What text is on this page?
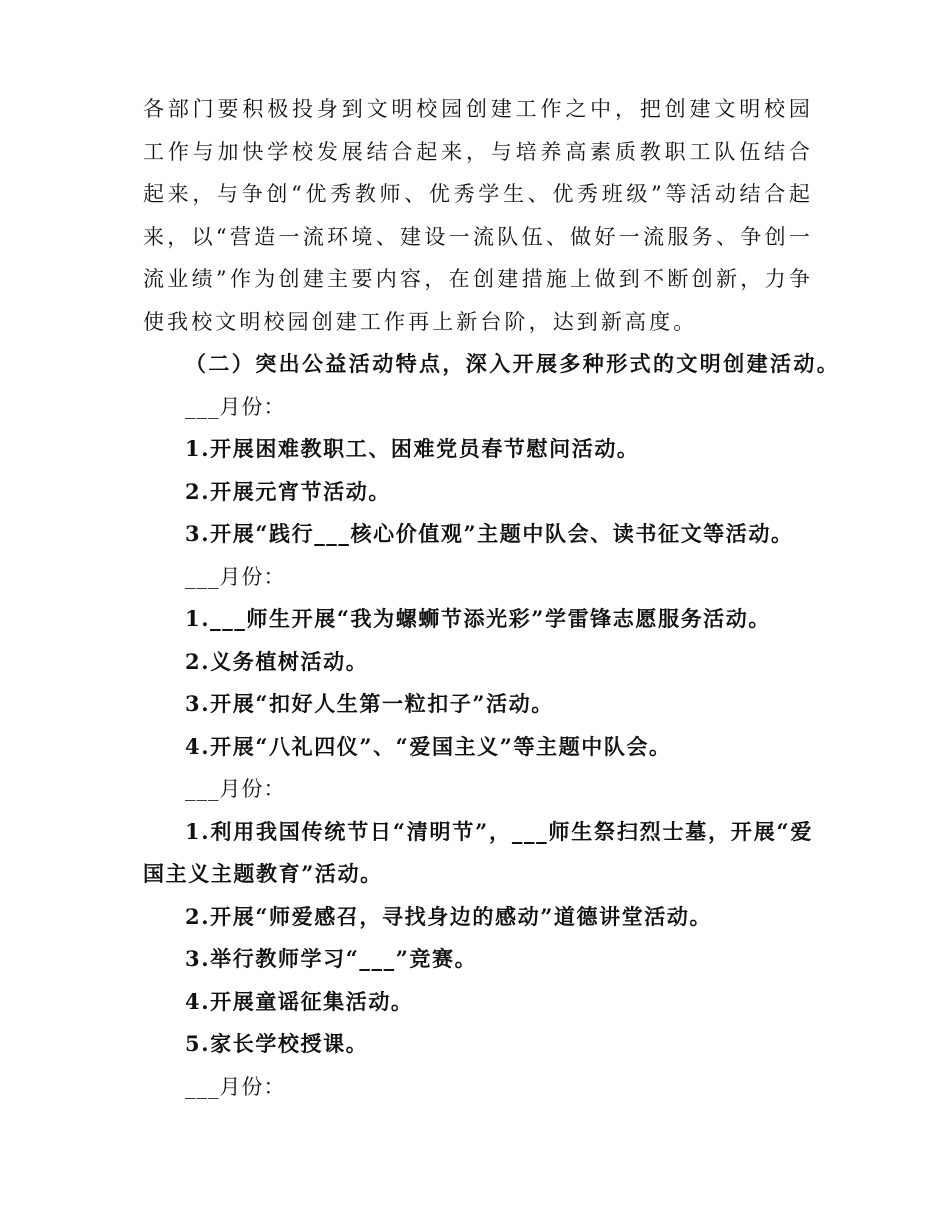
各部门要积极投身到文明校园创建工作之中，把创建文明校园工作与加快学校发展结合起来，与培养高素质教职工队伍结合起来，与争创“优秀教师、优秀学生、优秀班级”等活动结合起来，以“营造一流环境、建设一流队伍、做好一流服务、争创一流业绩”作为创建主要内容，在创建措施上做到不断创新，力争使我校文明校园创建工作再上新台阶，达到新高度。

（二）突出公益活动特点，深入开展多种形式的文明创建活动。

___月份：

1.开展困难教职工、困难党员春节慰问活动。

2.开展元宵节活动。

3.开展“践行___核心价值观”主题中队会、读书征文等活动。

___月份：

1.___师生开展“我为螺蛳节添光彩”学雷锋志愿服务活动。

2.义务植树活动。

3.开展“扣好人生第一粒扣子”活动。

4.开展“八礼四仪”、“爱国主义”等主题中队会。

___月份：

1.利用我国传统节日“清明节”，___师生祭扫烈士墓，开展“爱国主义主题教育”活动。

2.开展“师爱感召，寻找身边的感动”道德讲堂活动。

3.举行教师学习“___”竞赛。

4.开展童谣征集活动。

5.家长学校授课。

___月份：
